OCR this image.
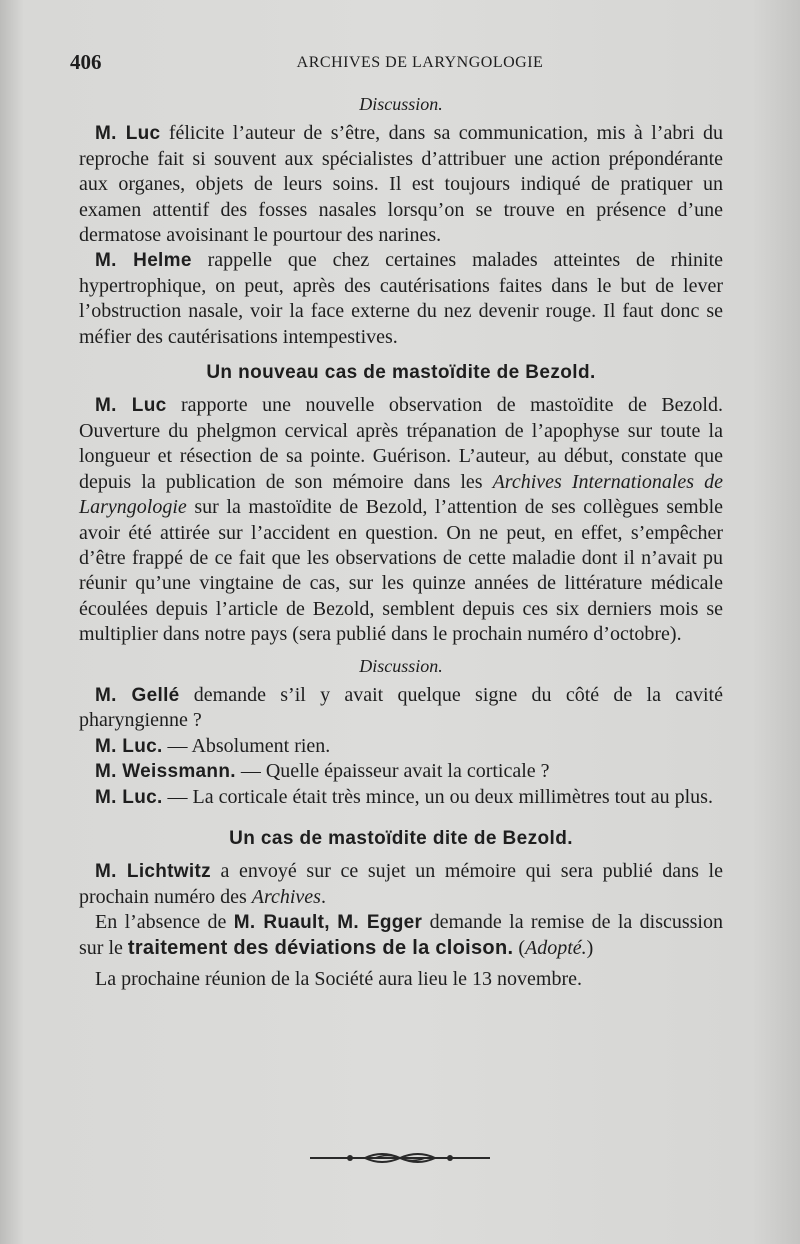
406	ARCHIVES DE LARYNGOLOGIE
Discussion.

M. Luc félicite l’auteur de s’être, dans sa communication, mis à l’abri du reproche fait si souvent aux spécialistes d’attribuer une action prépondérante aux organes, objets de leurs soins. Il est toujours indiqué de pratiquer un examen attentif des fosses nasales lorsqu’on se trouve en présence d’une dermatose avoisinant le pourtour des narines.

M. Helme rappelle que chez certaines malades atteintes de rhinite hypertrophique, on peut, après des cautérisations faites dans le but de lever l’obstruction nasale, voir la face externe du nez devenir rouge. Il faut donc se méfier des cautérisations intempestives.

Un nouveau cas de mastoïdite de Bezold.

M. Luc rapporte une nouvelle observation de mastoïdite de Bezold. Ouverture du phelgmon cervical après trépanation de l’apophyse sur toute la longueur et résection de sa pointe. Guérison. L’auteur, au début, constate que depuis la publication de son mémoire dans les Archives Internationales de Laryngologie sur la mastoïdite de Bezold, l’attention de ses collègues semble avoir été attirée sur l’accident en question. On ne peut, en effet, s’empêcher d’être frappé de ce fait que les observations de cette maladie dont il n’avait pu réunir qu’une vingtaine de cas, sur les quinze années de littérature médicale écoulées depuis l’article de Bezold, semblent depuis ces six derniers mois se multiplier dans notre pays (sera publié dans le prochain numéro d’octobre).

Discussion.

M. Gellé demande s’il y avait quelque signe du côté de la cavité pharyngienne ?

M. Luc. — Absolument rien.

M. Weissmann. — Quelle épaisseur avait la corticale ?

M. Luc. — La corticale était très mince, un ou deux millimètres tout au plus.

Un cas de mastoïdite dite de Bezold.

M. Lichtwitz a envoyé sur ce sujet un mémoire qui sera publié dans le prochain numéro des Archives.

En l’absence de M. Ruault, M. Egger demande la remise de la discussion sur le traitement des déviations de la cloison. (Adopté.)

La prochaine réunion de la Société aura lieu le 13 novembre.
